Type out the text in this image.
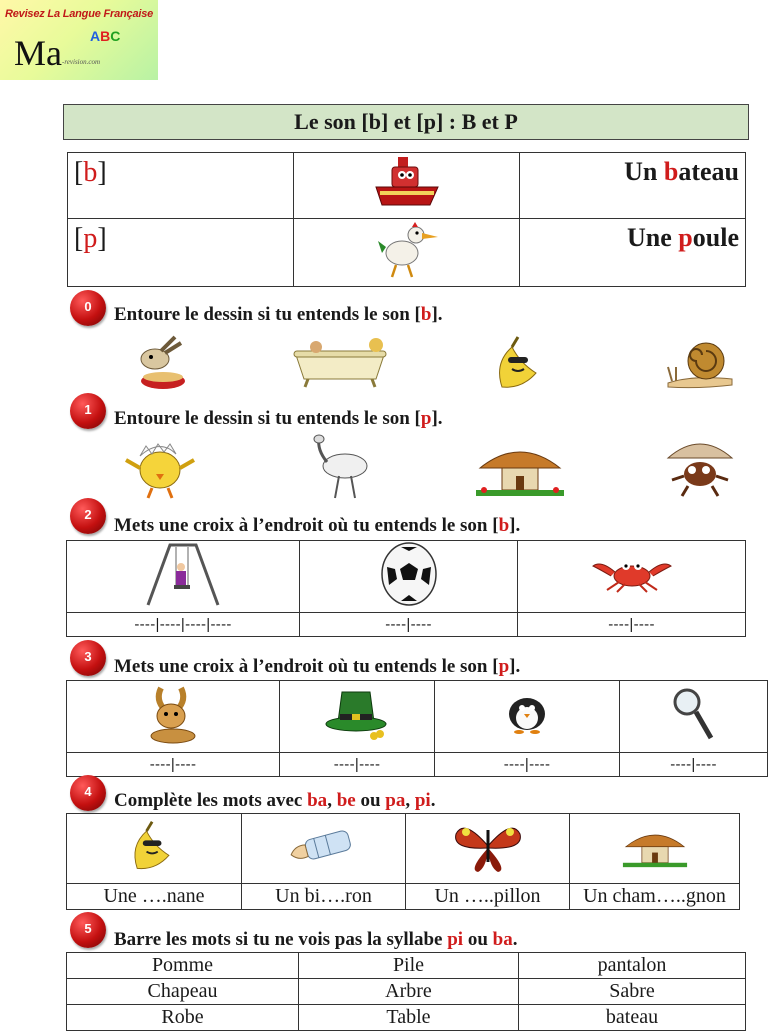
Revisez La Langue Française
Ma ABC
-revision.com
Le son [b] et [p] : B et P
[b]		Un bateau
[p]		Une poule
0	Entoure le dessin si tu entends le son [b].
1	Entoure le dessin si tu entends le son [p].
2
Mets une croix à l’endroit où tu entends le son [b].

----|----|----|----	----|----	----|----
3	Mets une croix à l’endroit où tu entends le son [p].

----|----	----|----	----|----	----|----
4	Complète les mots avec ba, be ou pa, pi.

Une ….nane	Un bi….ron	Un …..pillon	Un cham…..gnon
5
Barre les mots si tu ne vois pas la syllabe pi ou ba.
Pomme	Pile	pantalon
Chapeau	Arbre	Sabre
Robe	Table	bateau
